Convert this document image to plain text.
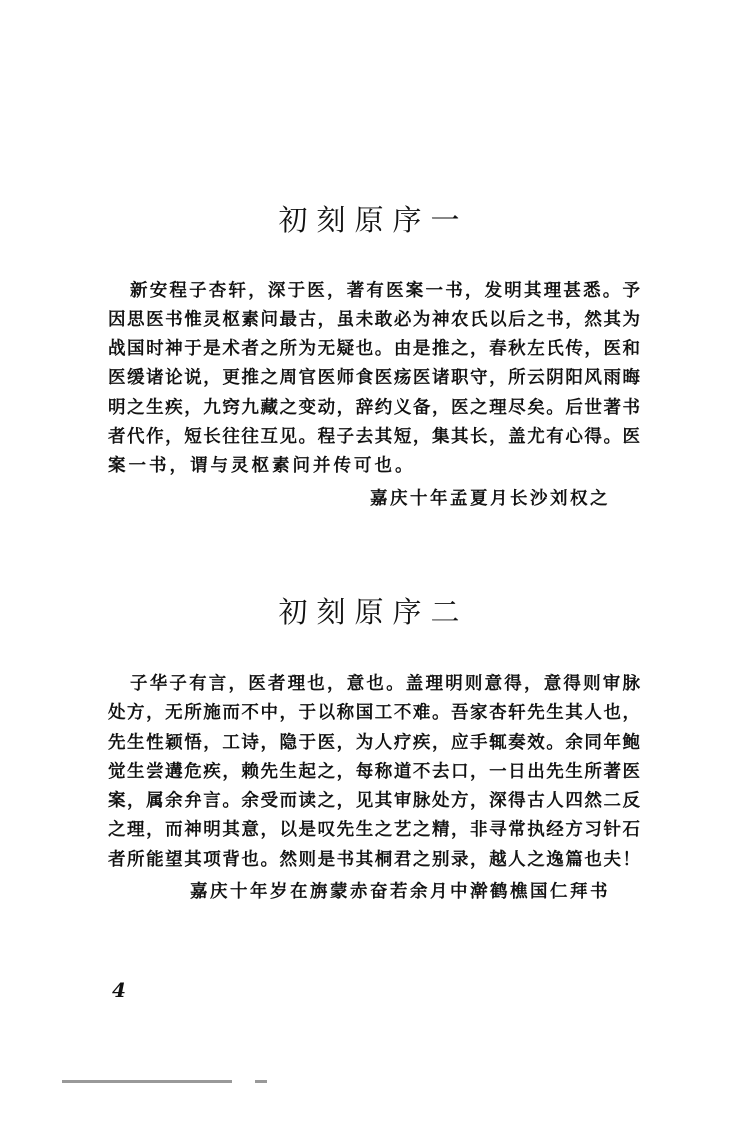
初刻原序一
新安程子杏轩，深于医，著有医案一书，发明其理甚悉。予
因思医书惟灵枢素问最古，虽未敢必为神农氏以后之书，然其为
战国时神于是术者之所为无疑也。由是推之，春秋左氏传，医和
医缓诸论说，更推之周官医师食医疡医诸职守，所云阴阳风雨晦
明之生疾，九窍九藏之变动，辞约义备，医之理尽矣。后世著书
者代作，短长往往互见。程子去其短，集其长，盖尤有心得。医
案一书，谓与灵枢素问并传可也。
嘉庆十年孟夏月长沙刘权之
初刻原序二
子华子有言，医者理也，意也。盖理明则意得，意得则审脉
处方，无所施而不中，于以称国工不难。吾家杏轩先生其人也，
先生性颖悟，工诗，隐于医，为人疗疾，应手辄奏效。余同年鲍
觉生尝遘危疾，赖先生起之，每称道不去口，一日出先生所著医
案，属余弁言。余受而读之，见其审脉处方，深得古人四然二反
之理，而神明其意，以是叹先生之艺之精，非寻常执经方习针石
者所能望其项背也。然则是书其桐君之别录，越人之逸篇也夫！
嘉庆十年岁在旃蒙赤奋若余月中澣鹤樵国仁拜书
4
